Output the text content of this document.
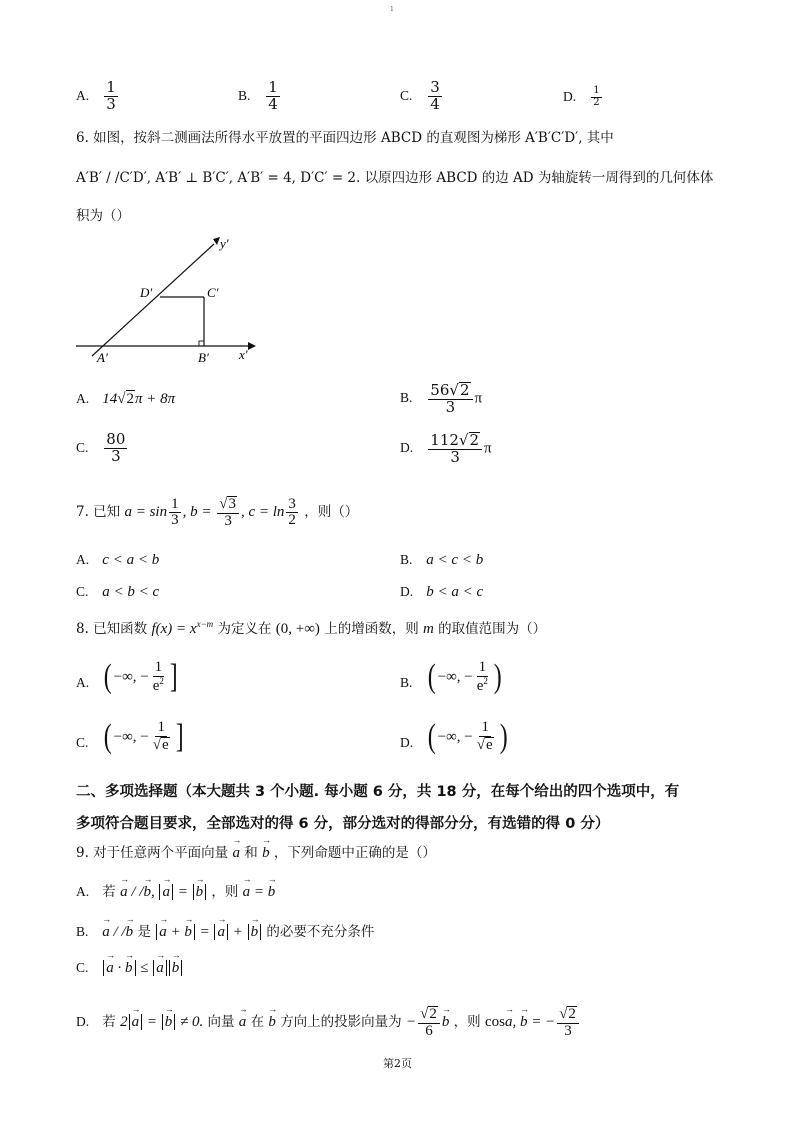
1
A. $\frac{1}{3}$	B. $\frac{1}{4}$	C. $\frac{3}{4}$	D. $\frac{1}{2}$
6. 如图，按斜二测画法所得水平放置的平面四边形 ABCD 的直观图为梯形 A′B′C′D′, 其中
A′B′ / /C′D′, A′B′ ⊥ B′C′, A′B′ = 4, D′C′ = 2. 以原四边形 ABCD 的边 AD 为轴旋转一周得到的几何体体
积为（）
y′
x′
A′	B′
C′
D′
A. 14√2π + 8π	B. $\frac{56√2}{3}$ π
C. $\frac{80}{3}$	D. $\frac{112√2}{3}$ π
7. 已知 $a = \sin \frac{1}{3}$ , $b = \frac{√3}{3}$ , $c = \ln \frac{3}{2}$ ，则（）
A. c < a < b	B. a < c < b
C. a < b < c	D. b < a < c
8. 已知函数 $f(x) = x^{x-m}$ 为定义在 (0, +∞) 上的增函数，则 m 的取值范围为（）
A. ( −∞, − $\frac{1}{e^2}$ ]	B. ( −∞, − $\frac{1}{e^2}$ )
C. ( −∞, − $\frac{1}{√e}$ ]	D. ( −∞, − $\frac{1}{√e}$ )
二、多项选择题（本大题共 3 个小题. 每小题 6 分，共 18 分，在每个给出的四个选项中，有
多项符合题目要求，全部选对的得 6 分，部分选对的得部分分，有选错的得 0 分）
9. 对于任意两个平面向量 → a 和 → b ，下列命题中正确的是（）
A. 若 → a / /→ b, → a = → b ，则 → a = → b
B. → a / /→ b 是 → a + → b = → a + → b 的必要不充分条件
C. → a · → b ≤ → a→ b
D. 若 2→ a = → b ≠ 0. 向量 → a 在 → b 方向上的投影向量为 − $\frac{√2}{6}$
→ b ，则 cos→ a, → b = − $\frac{√2}{3}$
第2页
